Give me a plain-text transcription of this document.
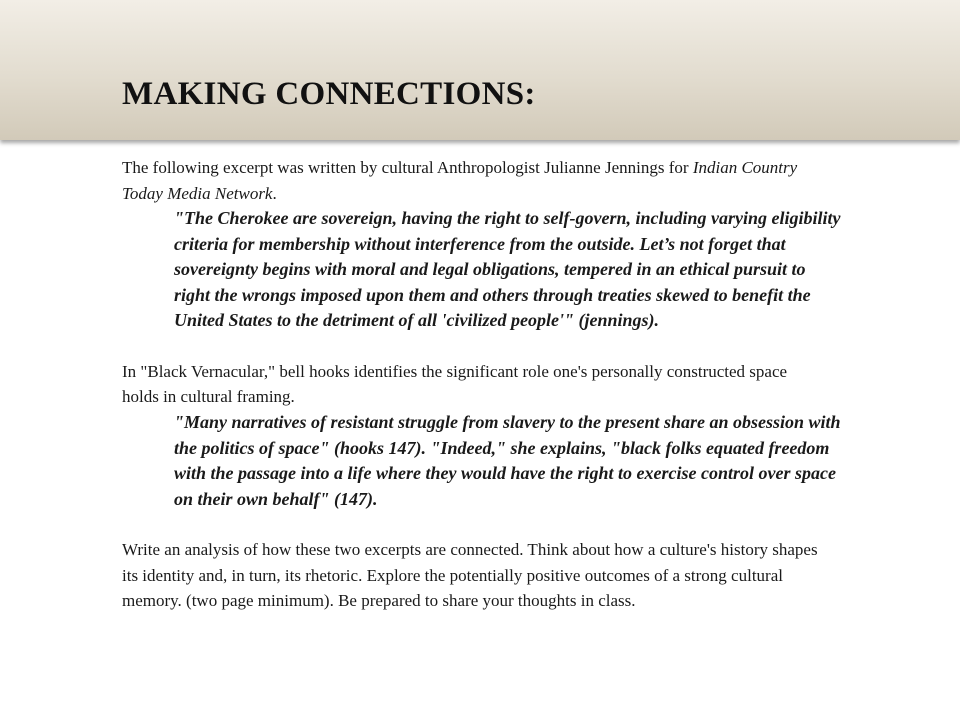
MAKING CONNECTIONS:

The following excerpt was written by cultural Anthropologist Julianne Jennings for Indian Country Today Media Network.

"The Cherokee are sovereign, having the right to self-govern, including varying eligibility criteria for membership without interference from the outside. Let’s not forget that sovereignty begins with moral and legal obligations, tempered in an ethical pursuit to right the wrongs imposed upon them and others through treaties skewed to benefit the United States to the detriment of all 'civilized people'" (jennings).

In "Black Vernacular," bell hooks identifies the significant role one's personally constructed space holds in cultural framing.

"Many narratives of resistant struggle from slavery to the present share an obsession with the politics of space" (hooks 147). "Indeed," she explains, "black folks equated freedom with the passage into a life where they would have the right to exercise control over space on their own behalf" (147).

Write an analysis of how these two excerpts are connected. Think about how a culture's history shapes its identity and, in turn, its rhetoric. Explore the potentially positive outcomes of a strong cultural memory. (two page minimum). Be prepared to share your thoughts in class.
